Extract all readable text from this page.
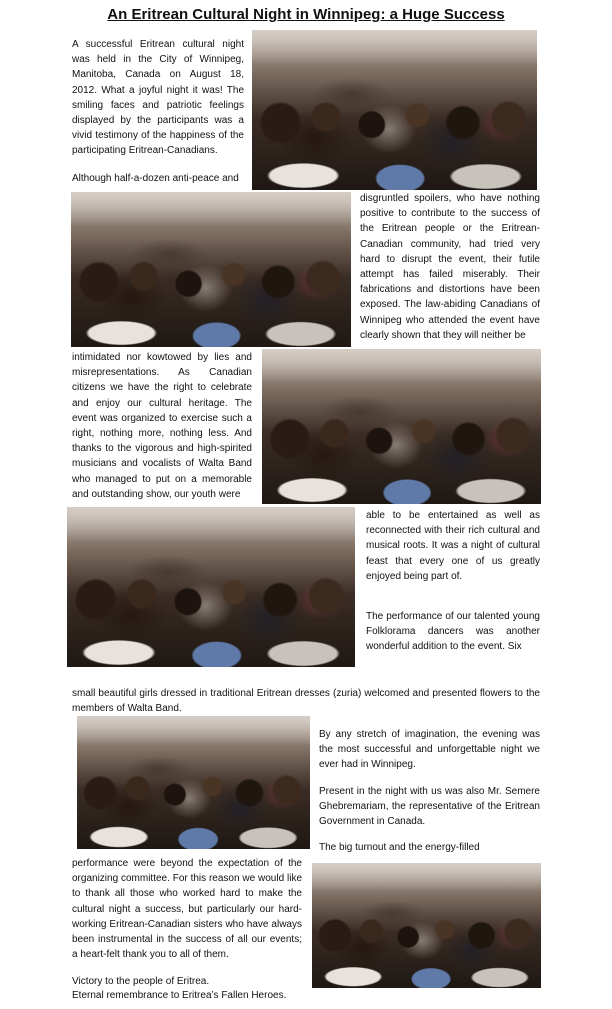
An Eritrean Cultural Night in Winnipeg: a Huge Success

A successful Eritrean cultural night was held in the City of Winnipeg, Manitoba, Canada on August 18, 2012. What a joyful night it was! The smiling faces and patriotic feelings displayed by the participants was a vivid testimony of the happiness of the participating Eritrean-Canadians.

Although half-a-dozen anti-peace and

disgruntled spoilers, who have nothing positive to contribute to the success of the Eritrean people or the Eritrean-Canadian community, had tried very hard to disrupt the event, their futile attempt has failed miserably. Their fabrications and distortions have been exposed. The law-abiding Canadians of Winnipeg who attended the event have clearly shown that they will neither be

intimidated nor kowtowed by lies and misrepresentations. As Canadian citizens we have the right to celebrate and enjoy our cultural heritage. The event was organized to exercise such a right, nothing more, nothing less. And thanks to the vigorous and high-spirited musicians and vocalists of Walta Band who managed to put on a memorable and outstanding show, our youth were

able to be entertained as well as reconnected with their rich cultural and musical roots. It was a night of cultural feast that every one of us greatly enjoyed being part of.

The performance of our talented young Folklorama dancers was another wonderful addition to the event. Six

small beautiful girls dressed in traditional Eritrean dresses (zuria) welcomed and presented flowers to the members of Walta Band.

By any stretch of imagination, the evening was the most successful and unforgettable night we ever had in Winnipeg.

Present in the night with us was also Mr. Semere Ghebremariam, the representative of the Eritrean Government in Canada.

The big turnout and the energy-filled

performance were beyond the expectation of the organizing committee. For this reason we would like to thank all those who worked hard to make the cultural night a success, but particularly our hard-working Eritrean-Canadian sisters who have always been instrumental in the success of all our events; a heart-felt thank you to all of them.

Victory to the people of Eritrea.

Eternal remembrance to Eritrea’s Fallen Heroes.
